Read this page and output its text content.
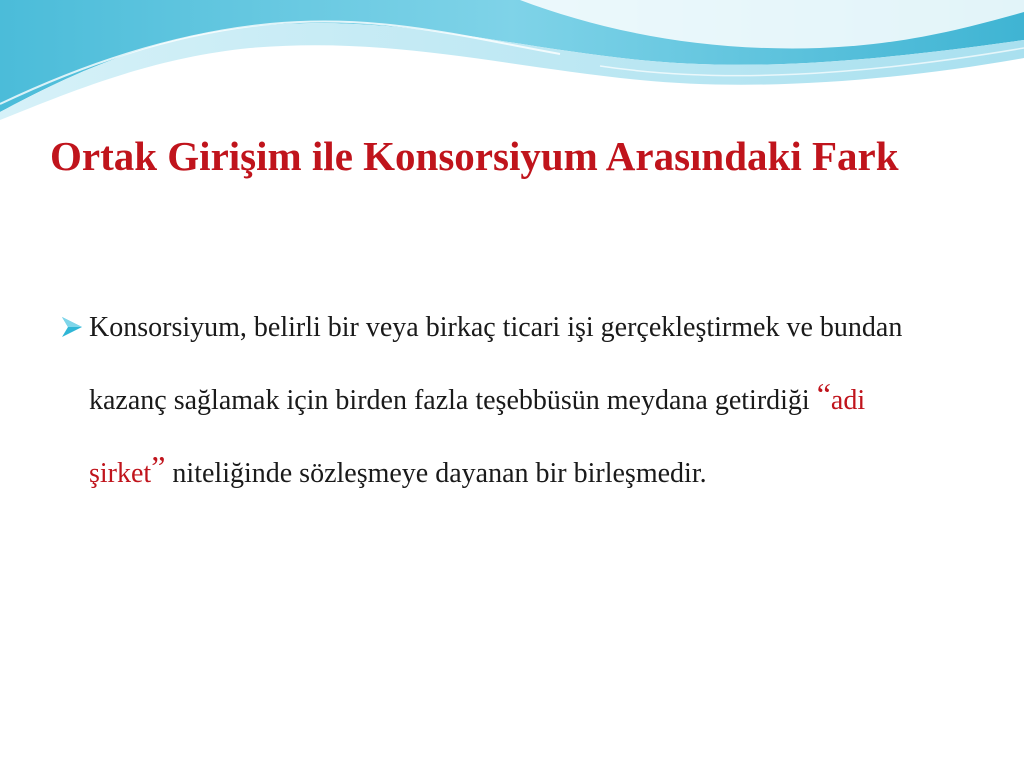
Ortak Girişim ile Konsorsiyum Arasındaki Fark
Konsorsiyum, belirli bir veya birkaç ticari işi gerçekleştirmek ve bundan kazanç sağlamak için birden fazla teşebbüsün meydana getirdiği “adi şirket” niteliğinde sözleşmeye dayanan bir birleşmedir.
